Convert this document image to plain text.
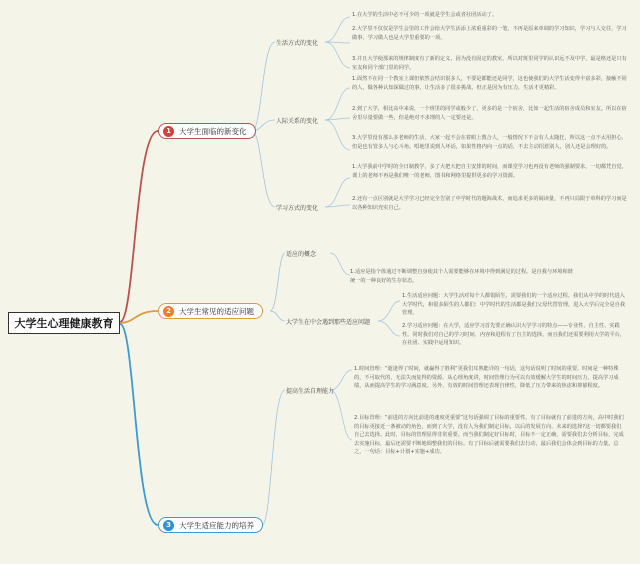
大学生心理健康教育
1	大学生面临的新变化
生活方式的变化
人际关系的变化
学习方式的变化
1.在大学的生活中必不可少的一项就是学生会或者社团活动了。
2.大学里不仅仅是学生会里的工作会给大学生活添上浓重重彩的一笔，不再是原来单调的学习知识，学习与人交往，学习做事，学习做人也是大学里重要的一项。
3.并且大学使那来的规律制度有了新的定义，因为没有固定的教室，所以对班里同学的认识远不及中学，最是格还是只有室友和同个部门里的同学。
1.面然不在同一个教室上课但依然会结识很多人，不要是都能还是同学，这也使我们的大学生活变得丰富多彩，接触不同的人，做各种认知深做过的事，让生活多了很多挑战，但正是因为有压力，生活才更精彩。
2.到了大学，相比高中来说，一个班里的同学或般少了，更多的是一个宿舍，比如一起生活的宿舍成员和室友。所以在宿舍里尽量要做一些，但是绝对不求理的人一定要还是。
3.大学里没有那么多老师的生活，大家一起不会在着眼上教合人，一般情况下不会有人太随狂，所以这一点不太用担心，但是也有管多人与心斗角。唱地里说到人坏话，如果性格内向一点的话，不去主动招惹别人，别人还是会理好的。
1.大学我前中学时的全日制教学，多了大把大把自主安排的时间，而课堂学习也再没有老师的强制要求，一切都凭自觉。课上的老师不再是我们唯一的老师，图书和网络里提供更多的学习资源。
2.还有一点区别就是大学学习已经完全告别了中学时代的题海战术，而追求更多的阅读量，不再只局限于单科的学习而是以各种知识充实自己。
2	大学生常见的适应问题
适应的概念
大学生在中会遇到那些适应问题
1.适应是指个体通过不断调整自身使其个人需要能够在环境中得到满足的过程。是自我与环境和谐统一的一种良好的生存状态。
1.生活适应问题：大学生活对每个人都很陌生，需要我们的一个适应过程。我们从中学的时代进入大学时代，和很多陌生的人都们：中学时代的生活都是我们父母代替管理，进入大学后完全是自我管理。
2.学习适应问题：在大学，适应学习首先要正确认识大学学习的特点——专业性、自主性、实践性。同时我们对自己的学习时间、内容和进程有了自主的选择。而且我们还需要利用大学的平台，在社团、实践中运用知识。
3	大学生适应能力的培养
提高生活自理能力
1.时间管理：“逝逢得了时间，就赢得了胜利”更我们耳熟能详的一句话，这句话说明了时间的重要。时间是一种特殊的，不可取代的，无法失而复得的资源。从心理角度讲，时间管理行为可以有效缓解大学生的时间压力，提高学习成绩，从而提高学生的学习满意度。另外，有效的时间管理还表现自律性，降低了压力带来的焦虑和抑郁程度。
2.目标管理：“前进的方向比前进的速度更重要”这句话强调了目标的重要性。有了目标就有了前进的方向，高中时我们的目标更接近一条被动的角色，而到了大学，没有人为我们制定目标，以后的发展方向、未来的选择?这一切都要我们自己去选择。此时，目标的管理显得非常重要。而当我们制定好目标时，目标不一定正确，需要我们去分析目标，完成去实施目标，最后还需要不断地调整我们的目标。有了目标后就需要我们去行动，最后我们会体会到目标的力量。总之，一句话：目标+计划+实施+成功。
